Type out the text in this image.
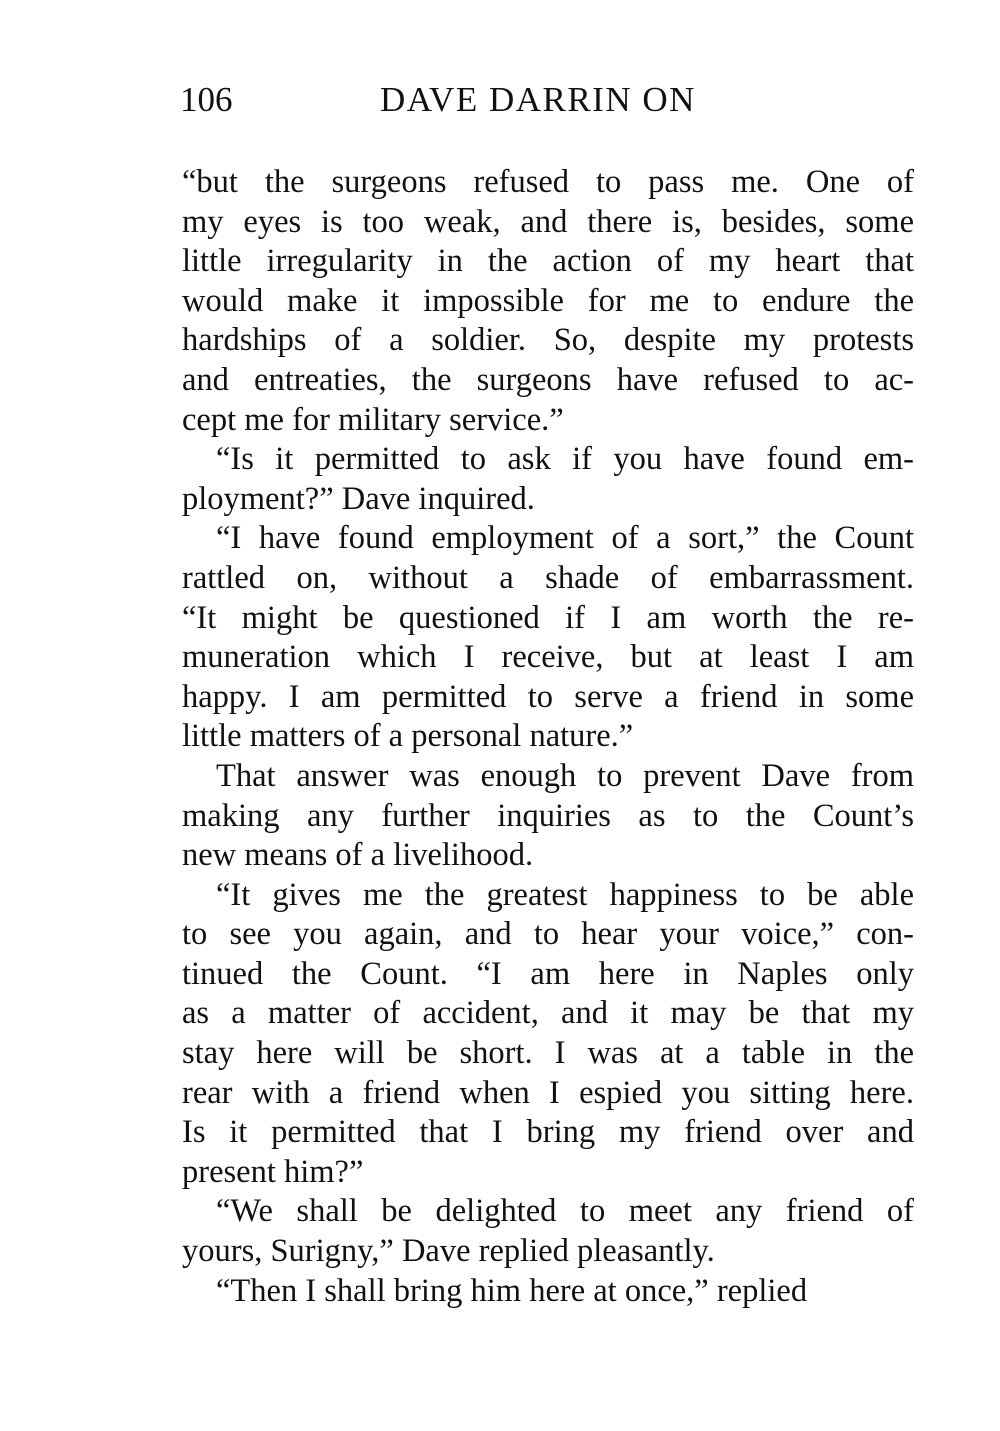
106	DAVE DARRIN ON
“but the surgeons refused to pass me. One of
my eyes is too weak, and there is, besides, some
little irregularity in the action of my heart that
would make it impossible for me to endure the
hardships of a soldier. So, despite my protests
and entreaties, the surgeons have refused to ac-
cept me for military service.”
“Is it permitted to ask if you have found em-
ployment?” Dave inquired.
“I have found employment of a sort,” the Count
rattled on, without a shade of embarrassment.
“It might be questioned if I am worth the re-
muneration which I receive, but at least I am
happy. I am permitted to serve a friend in some
little matters of a personal nature.”
That answer was enough to prevent Dave from
making any further inquiries as to the Count’s
new means of a livelihood.
“It gives me the greatest happiness to be able
to see you again, and to hear your voice,” con-
tinued the Count. “I am here in Naples only
as a matter of accident, and it may be that my
stay here will be short. I was at a table in the
rear with a friend when I espied you sitting here.
Is it permitted that I bring my friend over and
present him?”
“We shall be delighted to meet any friend of
yours, Surigny,” Dave replied pleasantly.
“Then I shall bring him here at once,” replied
